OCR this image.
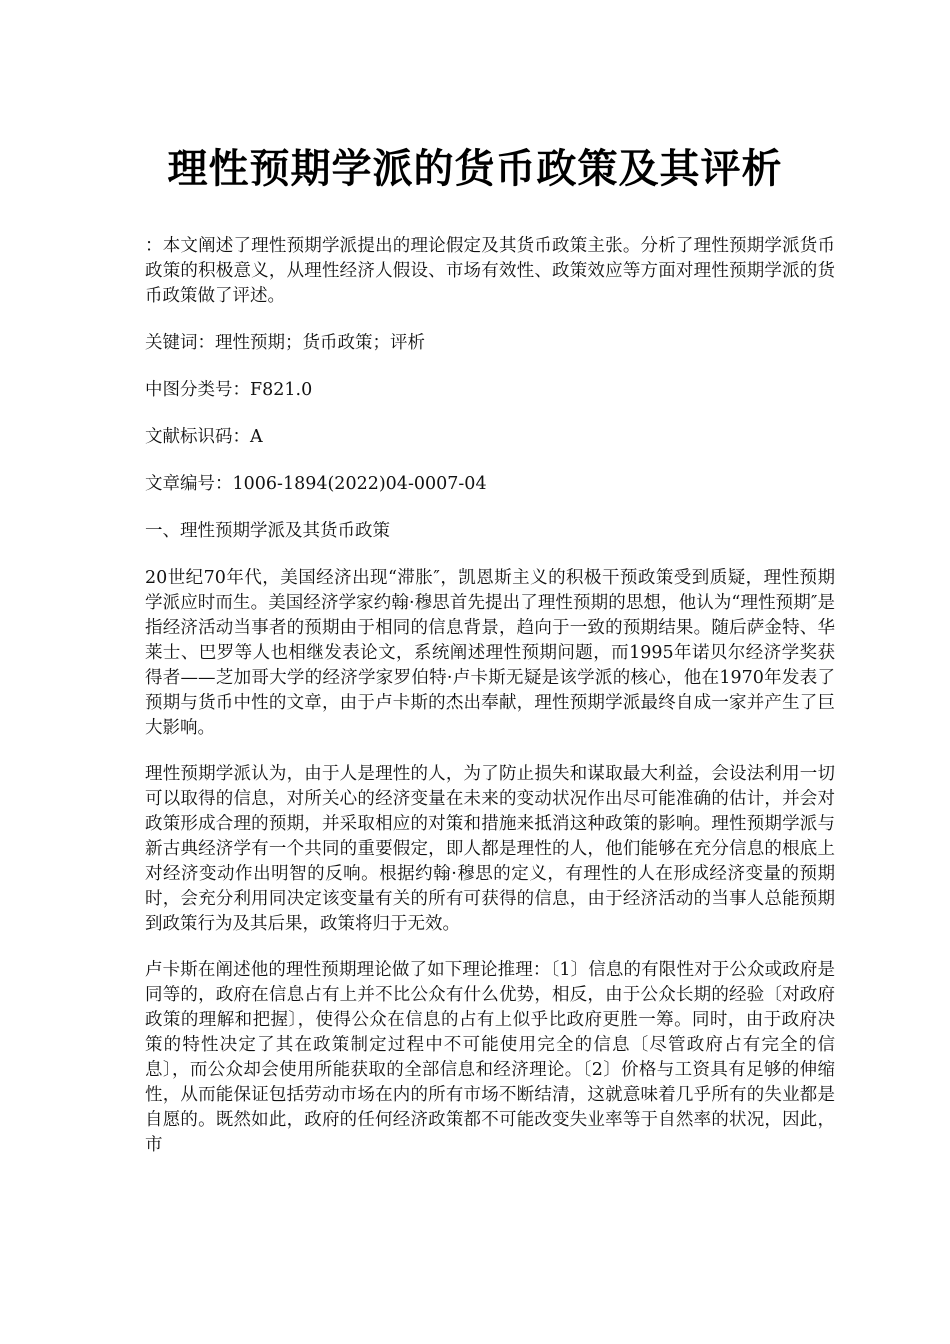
理性预期学派的货币政策及其评析

：本文阐述了理性预期学派提出的理论假定及其货币政策主张。分析了理性预期学派货币政策的积极意义，从理性经济人假设、市场有效性、政策效应等方面对理性预期学派的货币政策做了评述。

关键词：理性预期；货币政策；评析

中图分类号：F821.0

文献标识码：A

文章编号：1006-1894(2022)04-0007-04

一、理性预期学派及其货币政策

20世纪70年代，美国经济出现“滞胀″，凯恩斯主义的积极干预政策受到质疑，理性预期学派应时而生。美国经济学家约翰·穆思首先提出了理性预期的思想，他认为“理性预期″是指经济活动当事者的预期由于相同的信息背景，趋向于一致的预期结果。随后萨金特、华莱士、巴罗等人也相继发表论文，系统阐述理性预期问题，而1995年诺贝尔经济学奖获得者——芝加哥大学的经济学家罗伯特·卢卡斯无疑是该学派的核心，他在1970年发表了预期与货币中性的文章，由于卢卡斯的杰出奉献，理性预期学派最终自成一家并产生了巨大影响。

理性预期学派认为，由于人是理性的人，为了防止损失和谋取最大利益，会设法利用一切可以取得的信息，对所关心的经济变量在未来的变动状况作出尽可能准确的估计，并会对政策形成合理的预期，并采取相应的对策和措施来抵消这种政策的影响。理性预期学派与新古典经济学有一个共同的重要假定，即人都是理性的人，他们能够在充分信息的根底上对经济变动作出明智的反响。根据约翰·穆思的定义，有理性的人在形成经济变量的预期时，会充分利用同决定该变量有关的所有可获得的信息，由于经济活动的当事人总能预期到政策行为及其后果，政策将归于无效。

卢卡斯在阐述他的理性预期理论做了如下理论推理：〔1〕信息的有限性对于公众或政府是同等的，政府在信息占有上并不比公众有什么优势，相反，由于公众长期的经验〔对政府政策的理解和把握〕，使得公众在信息的占有上似乎比政府更胜一筹。同时，由于政府决策的特性决定了其在政策制定过程中不可能使用完全的信息〔尽管政府占有完全的信息〕，而公众却会使用所能获取的全部信息和经济理论。〔2〕价格与工资具有足够的伸缩性，从而能保证包括劳动市场在内的所有市场不断结清，这就意味着几乎所有的失业都是自愿的。既然如此，政府的任何经济政策都不可能改变失业率等于自然率的状况，因此，市
